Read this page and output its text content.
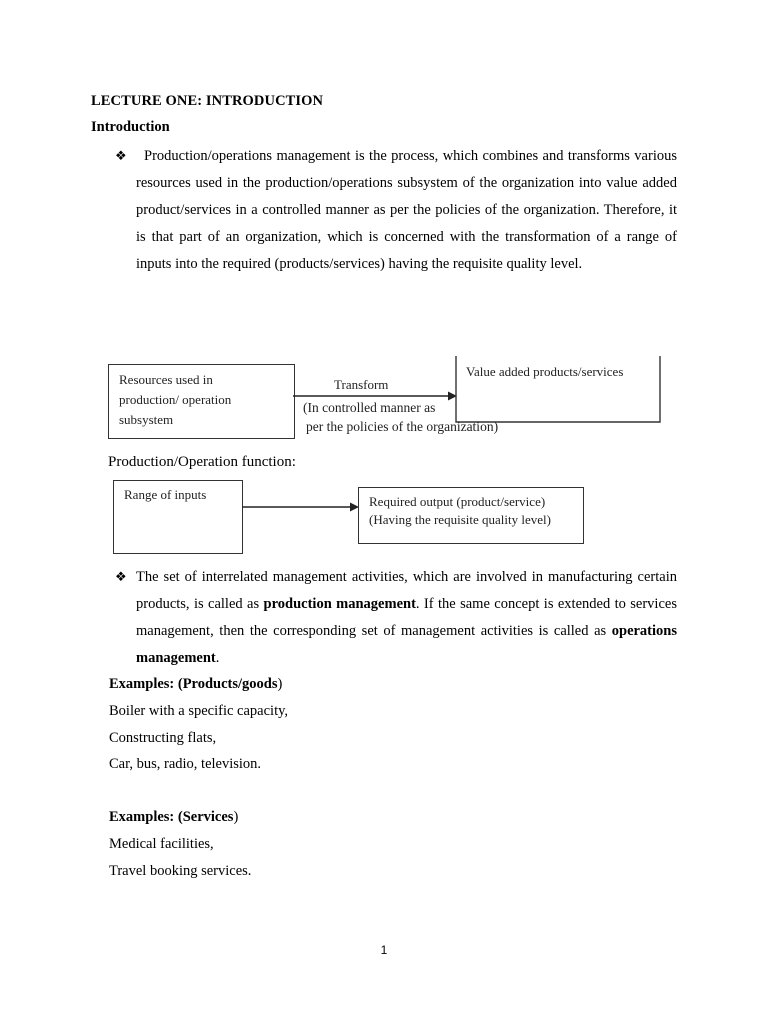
LECTURE ONE: INTRODUCTION
Introduction
❖	Production/operations management is the process, which combines and transforms various resources used in the production/operations subsystem of the organization into value added product/services in a controlled manner as per the policies of the organization. Therefore, it is that part of an organization, which is concerned with the transformation of a range of inputs into the required (products/services) having the requisite quality level.
Resources used in
production/ operation
subsystem
Transform
(In controlled manner as
per the policies of the organization)
Value added products/services
Production/Operation function:
Range of inputs	Required output (product/service)
(Having the requisite quality level)
❖ The set of interrelated management activities, which are involved in manufacturing certain products, is called as production management. If the same concept is extended to services management, then the corresponding set of management activities is called as operations management.
Examples: (Products/goods)
Boiler with a specific capacity,
Constructing flats,
Car, bus, radio, television.
Examples: (Services)
Medical facilities,
Travel booking services.
1
